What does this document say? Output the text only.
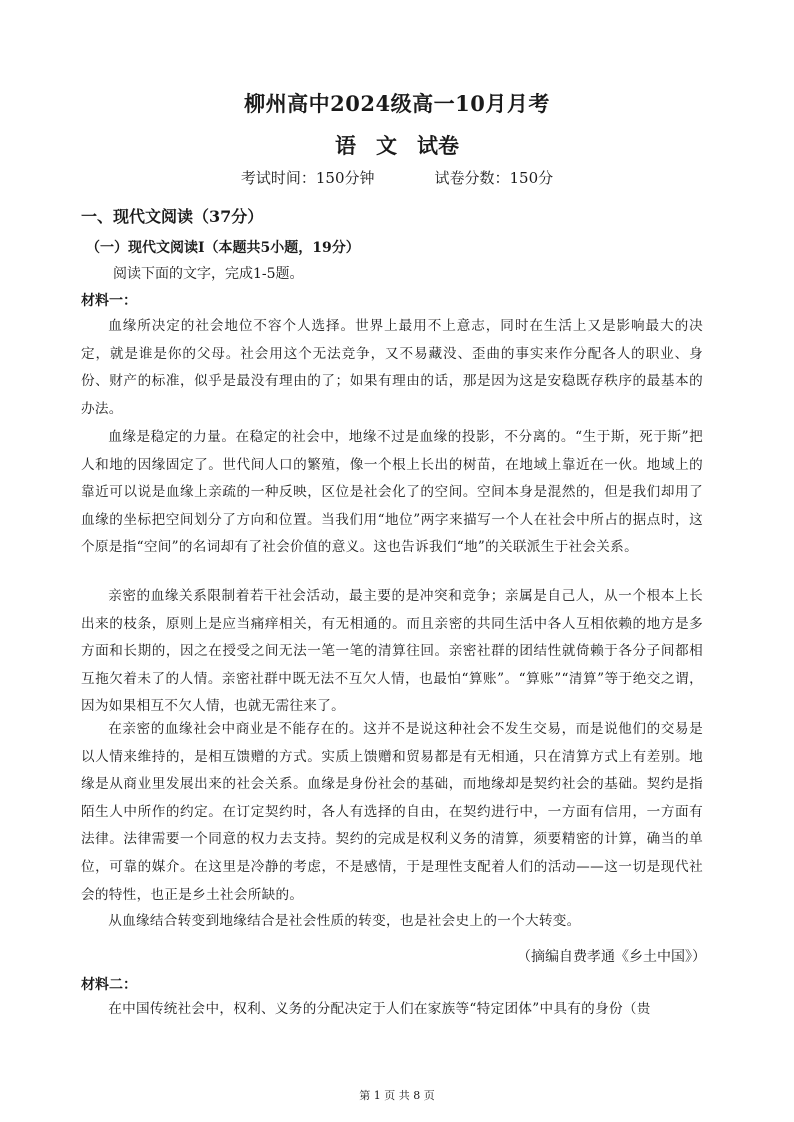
柳州高中2024级高一10月月考
语 文 试卷
考试时间：150分钟	试卷分数：150分
一、现代文阅读（37分）
（一）现代文阅读Ⅰ（本题共5小题，19分）
阅读下面的文字，完成1-5题。
材料一：
血缘所决定的社会地位不容个人选择。世界上最用不上意志，同时在生活上又是影响最大的决定，就是谁是你的父母。社会用这个无法竞争，又不易藏没、歪曲的事实来作分配各人的职业、身份、财产的标准，似乎是最没有理由的了；如果有理由的话，那是因为这是安稳既存秩序的最基本的办法。
血缘是稳定的力量。在稳定的社会中，地缘不过是血缘的投影，不分离的。“生于斯，死于斯”把人和地的因缘固定了。世代间人口的繁殖，像一个根上长出的树苗，在地域上靠近在一伙。地域上的靠近可以说是血缘上亲疏的一种反映，区位是社会化了的空间。空间本身是混然的，但是我们却用了血缘的坐标把空间划分了方向和位置。当我们用“地位”两字来描写一个人在社会中所占的据点时，这个原是指“空间”的名词却有了社会价值的意义。这也告诉我们“地”的关联派生于社会关系。
亲密的血缘关系限制着若干社会活动，最主要的是冲突和竞争；亲属是自己人，从一个根本上长出来的枝条，原则上是应当痛痒相关，有无相通的。而且亲密的共同生活中各人互相依赖的地方是多方面和长期的，因之在授受之间无法一笔一笔的清算往回。亲密社群的团结性就倚赖于各分子间都相互拖欠着未了的人情。亲密社群中既无法不互欠人情，也最怕“算账”。“算账”“清算”等于绝交之谓，因为如果相互不欠人情，也就无需往来了。
在亲密的血缘社会中商业是不能存在的。这并不是说这种社会不发生交易，而是说他们的交易是以人情来维持的，是相互馈赠的方式。实质上馈赠和贸易都是有无相通，只在清算方式上有差别。地缘是从商业里发展出来的社会关系。血缘是身份社会的基础，而地缘却是契约社会的基础。契约是指陌生人中所作的约定。在订定契约时，各人有选择的自由，在契约进行中，一方面有信用，一方面有法律。法律需要一个同意的权力去支持。契约的完成是权利义务的清算，须要精密的计算，确当的单位，可靠的媒介。在这里是冷静的考虑，不是感情，于是理性支配着人们的活动——这一切是现代社会的特性，也正是乡土社会所缺的。
从血缘结合转变到地缘结合是社会性质的转变，也是社会史上的一个大转变。
（摘编自费孝通《乡土中国》）
材料二：
在中国传统社会中，权利、义务的分配决定于人们在家族等“特定团体”中具有的身份（贵
第 1 页 共 8 页
